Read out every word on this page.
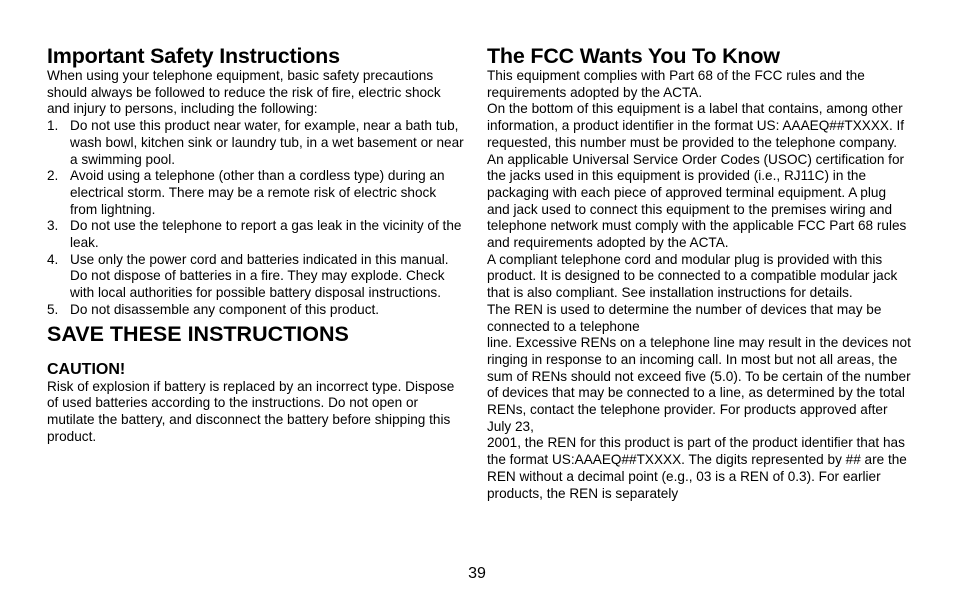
Important Safety Instructions

When using your telephone equipment, basic safety precautions should always be followed to reduce the risk of fire, electric shock and injury to persons, including the following:

1. Do not use this product near water, for example, near a bath tub, wash bowl, kitchen sink or laundry tub, in a wet basement or near a swimming pool.
2. Avoid using a telephone (other than a cordless type) during an electrical storm. There may be a remote risk of electric shock from lightning.
3. Do not use the telephone to report a gas leak in the vicinity of the leak.
4. Use only the power cord and batteries indicated in this manual. Do not dispose of batteries in a fire. They may explode. Check with local authorities for possible battery disposal instructions.
5. Do not disassemble any component of this product.
SAVE THESE INSTRUCTIONS
CAUTION!

Risk of explosion if battery is replaced by an incorrect type. Dispose of used batteries according to the instructions. Do not open or mutilate the battery, and disconnect the battery before shipping this product.

The FCC Wants You To Know

This equipment complies with Part 68 of the FCC rules and the requirements adopted by the ACTA.

On the bottom of this equipment is a label that contains, among other information, a product identifier in the format US: AAAEQ##TXXXX. If requested, this number must be provided to the telephone company.

An applicable Universal Service Order Codes (USOC) certification for the jacks used in this equipment is provided (i.e., RJ11C) in the packaging with each piece of approved terminal equipment. A plug and jack used to connect this equipment to the premises wiring and telephone network must comply with the applicable FCC Part 68 rules and requirements adopted by the ACTA.

A compliant telephone cord and modular plug is provided with this product. It is designed to be connected to a compatible modular jack that is also compliant. See installation instructions for details.

The REN is used to determine the number of devices that may be connected to a telephone

line. Excessive RENs on a telephone line may result in the devices not ringing in response to an incoming call. In most but not all areas, the sum of RENs should not exceed five (5.0). To be certain of the number of devices that may be connected to a line, as determined by the total RENs, contact the telephone provider. For products approved after July 23,

2001, the REN for this product is part of the product identifier that has the format US:AAAEQ##TXXXX. The digits represented by ## are the REN without a decimal point (e.g., 03 is a REN of 0.3). For earlier products, the REN is separately

39
